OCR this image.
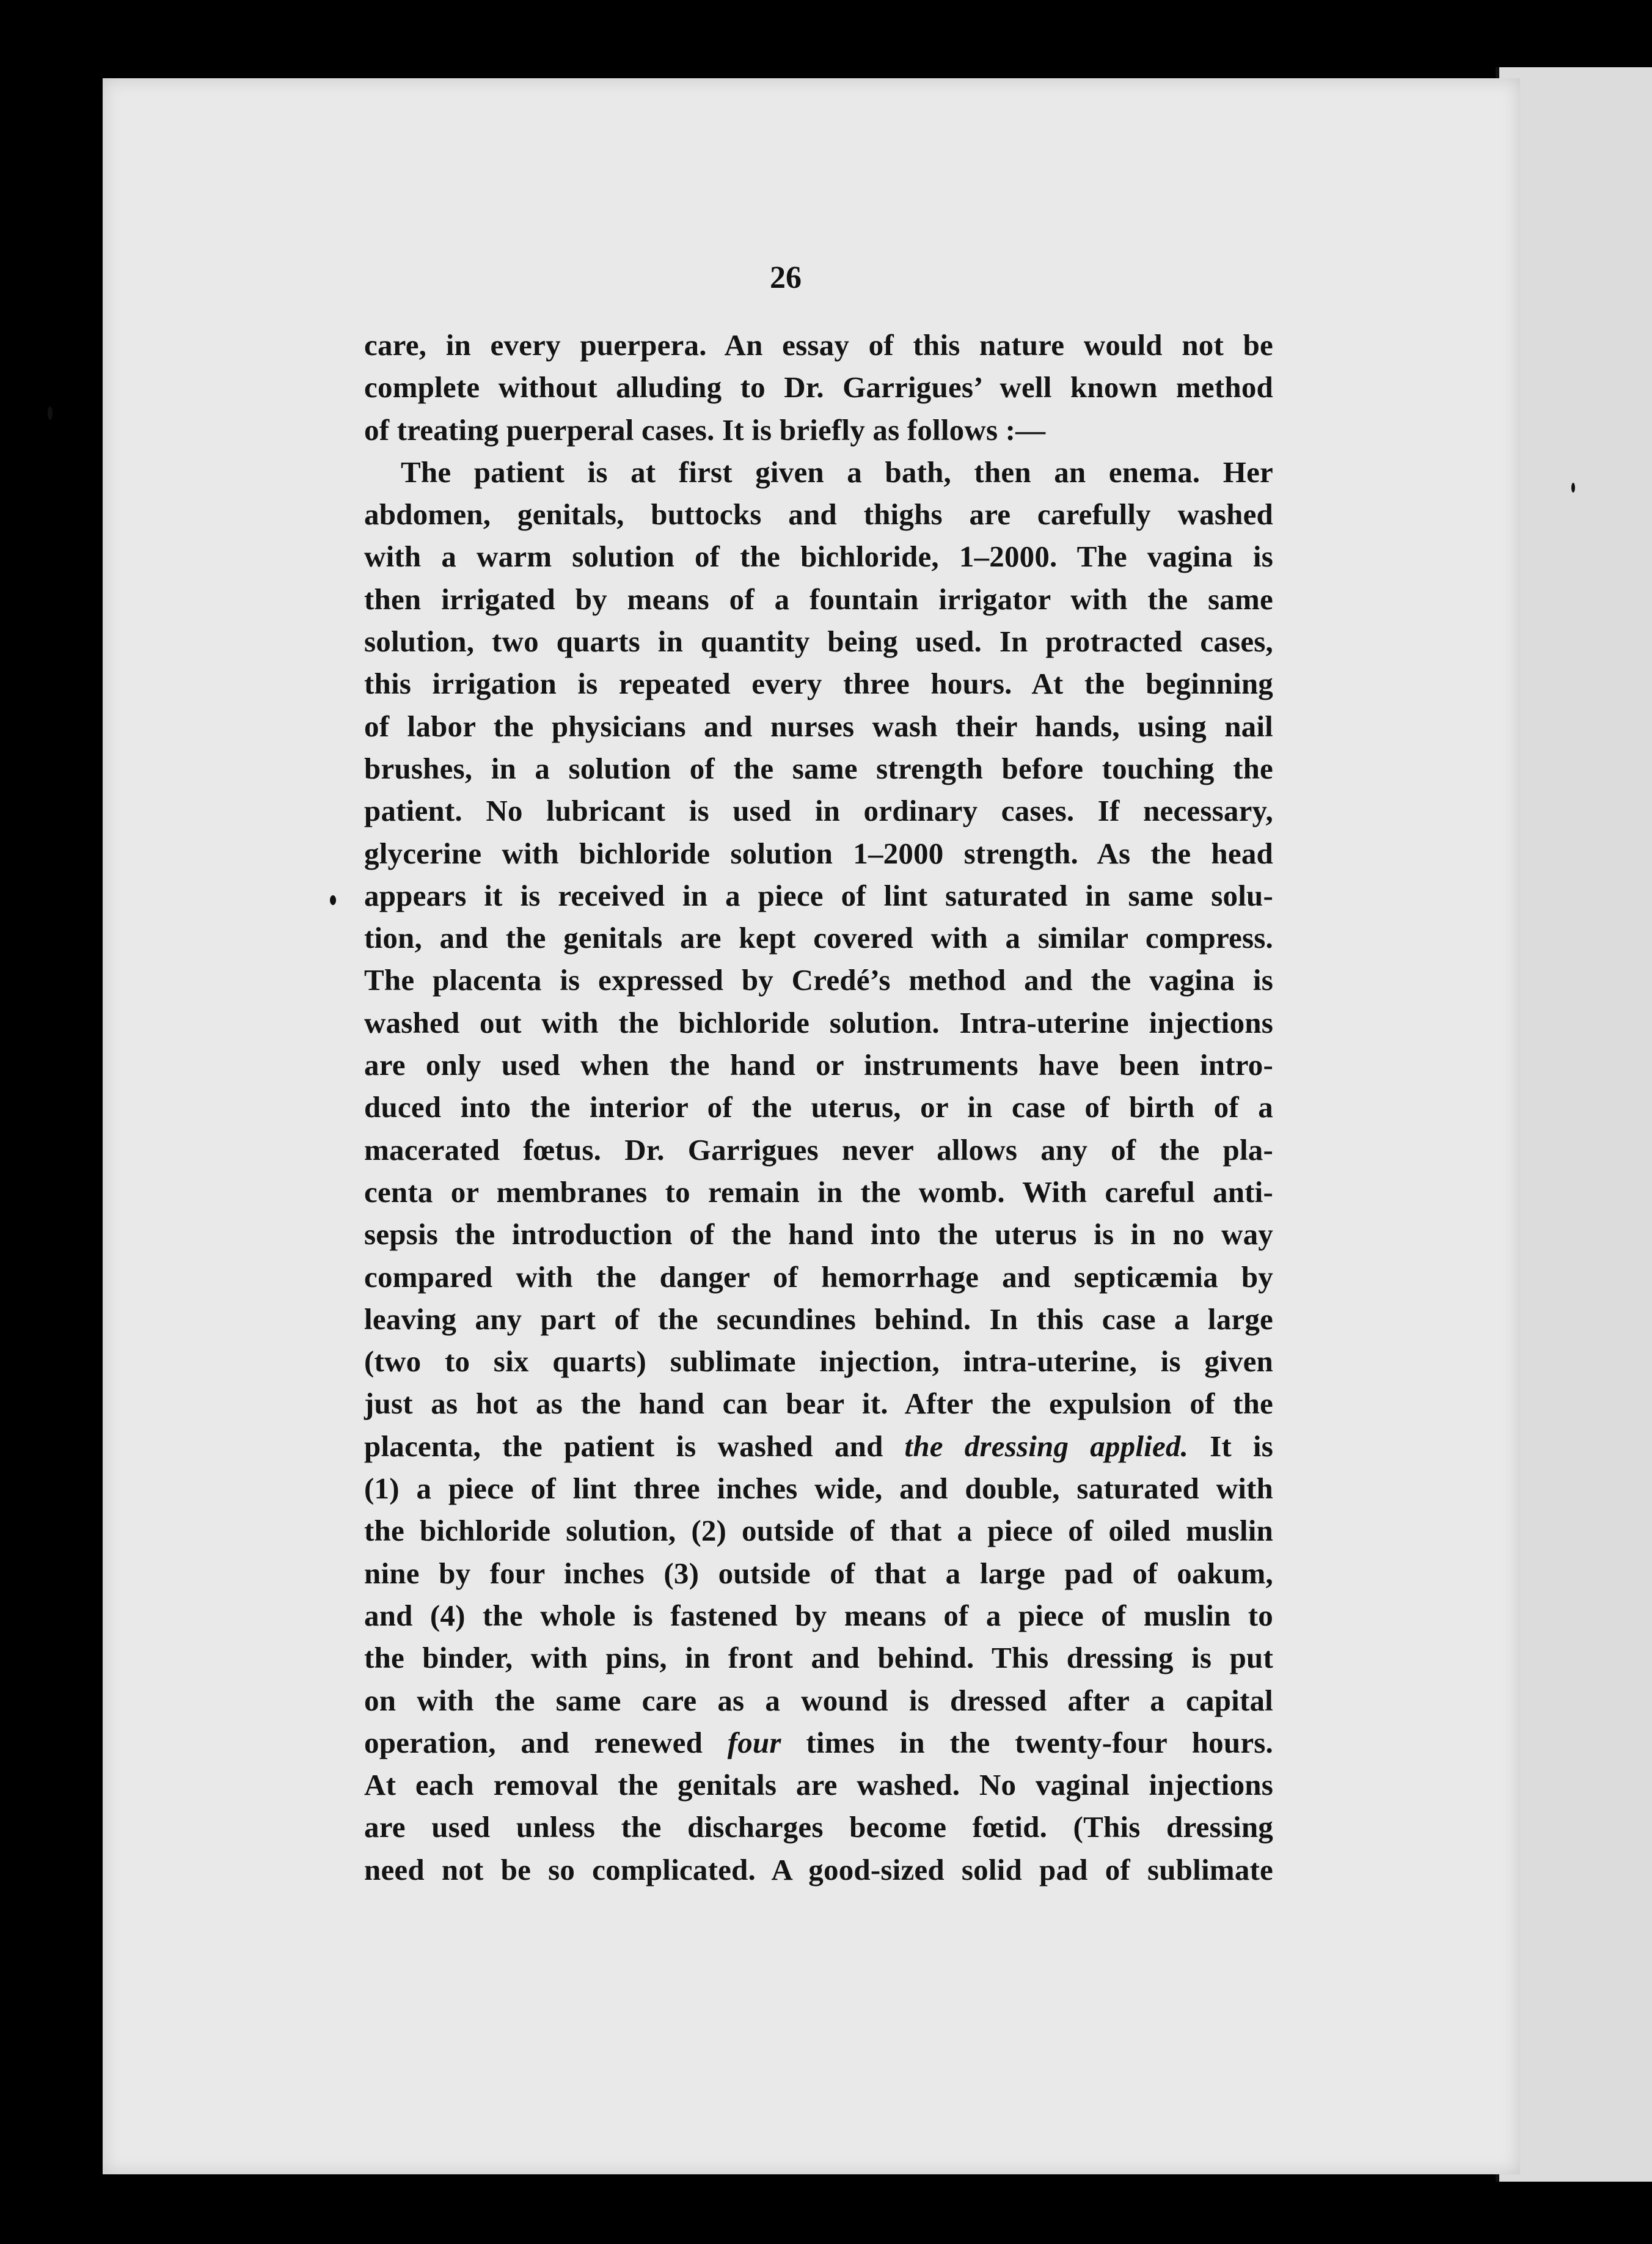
26
care, in every puerpera. An essay of this nature would not be
complete without alluding to Dr. Garrigues’ well known method
of treating puerperal cases. It is briefly as follows :—
The patient is at first given a bath, then an enema. Her
abdomen, genitals, buttocks and thighs are carefully washed
with a warm solution of the bichloride, 1–2000. The vagina is
then irrigated by means of a fountain irrigator with the same
solution, two quarts in quantity being used. In protracted cases,
this irrigation is repeated every three hours. At the beginning
of labor the physicians and nurses wash their hands, using nail
brushes, in a solution of the same strength before touching the
patient. No lubricant is used in ordinary cases. If necessary,
glycerine with bichloride solution 1–2000 strength. As the head
appears it is received in a piece of lint saturated in same solu-
tion, and the genitals are kept covered with a similar compress.
The placenta is expressed by Credé’s method and the vagina is
washed out with the bichloride solution. Intra-uterine injections
are only used when the hand or instruments have been intro-
duced into the interior of the uterus, or in case of birth of a
macerated fœtus. Dr. Garrigues never allows any of the pla-
centa or membranes to remain in the womb. With careful anti-
sepsis the introduction of the hand into the uterus is in no way
compared with the danger of hemorrhage and septicæmia by
leaving any part of the secundines behind. In this case a large
(two to six quarts) sublimate injection, intra-uterine, is given
just as hot as the hand can bear it. After the expulsion of the
placenta, the patient is washed and the dressing applied. It is
(1) a piece of lint three inches wide, and double, saturated with
the bichloride solution, (2) outside of that a piece of oiled muslin
nine by four inches (3) outside of that a large pad of oakum,
and (4) the whole is fastened by means of a piece of muslin to
the binder, with pins, in front and behind. This dressing is put
on with the same care as a wound is dressed after a capital
operation, and renewed four times in the twenty-four hours.
At each removal the genitals are washed. No vaginal injections
are used unless the discharges become fœtid. (This dressing
need not be so complicated. A good-sized solid pad of sublimate
